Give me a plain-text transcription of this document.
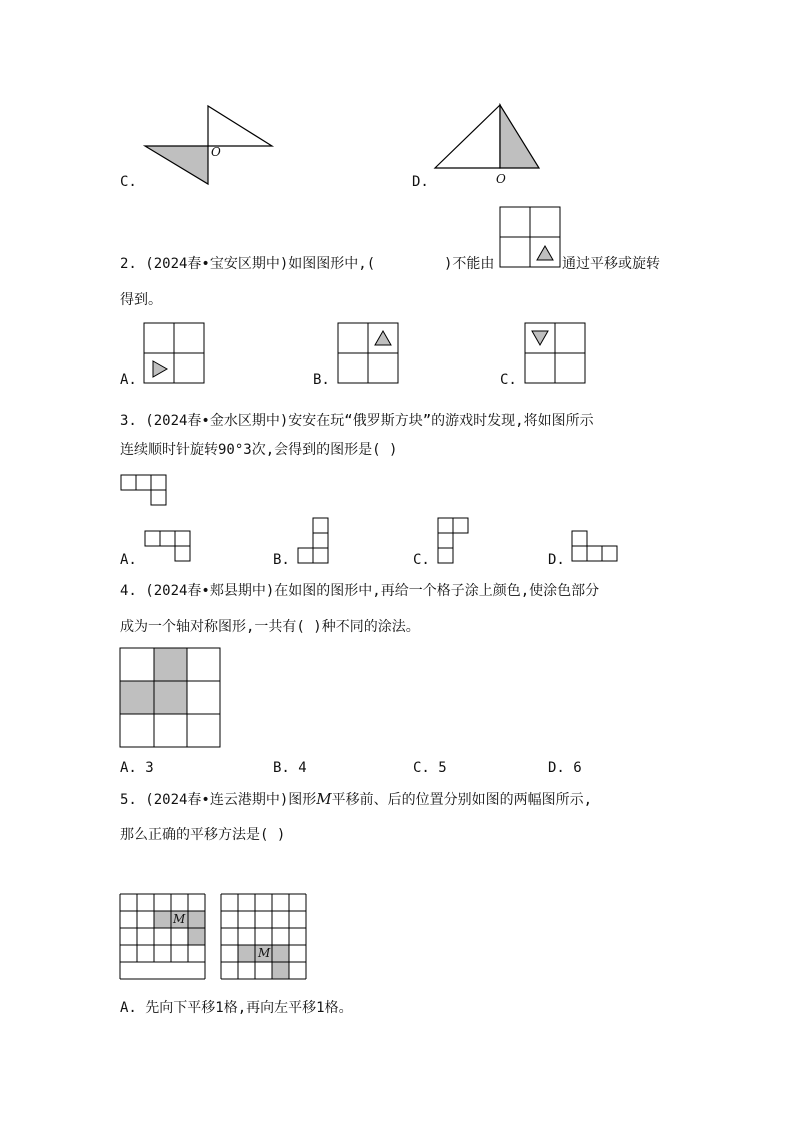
O
C.	O
D.
2. (2024春•宝安区期中)如图图形中,(	)不能由	通过平移或旋转
得到。
A.	B.	C.
3. (2024春•金水区期中)安安在玩“俄罗斯方块”的游戏时发现,将如图所示
连续顺时针旋转90°3次,会得到的图形是( )
A.	B.	C.	D.
4. (2024春•郏县期中)在如图的图形中,再给一个格子涂上颜色,使涂色部分
成为一个轴对称图形,一共有( )种不同的涂法。
A. 3	B. 4	C. 5	D. 6
5. (2024春•连云港期中)图形M平移前、后的位置分别如图的两幅图所示,
那么正确的平移方法是( )
M
M
A. 先向下平移1格,再向左平移1格。
